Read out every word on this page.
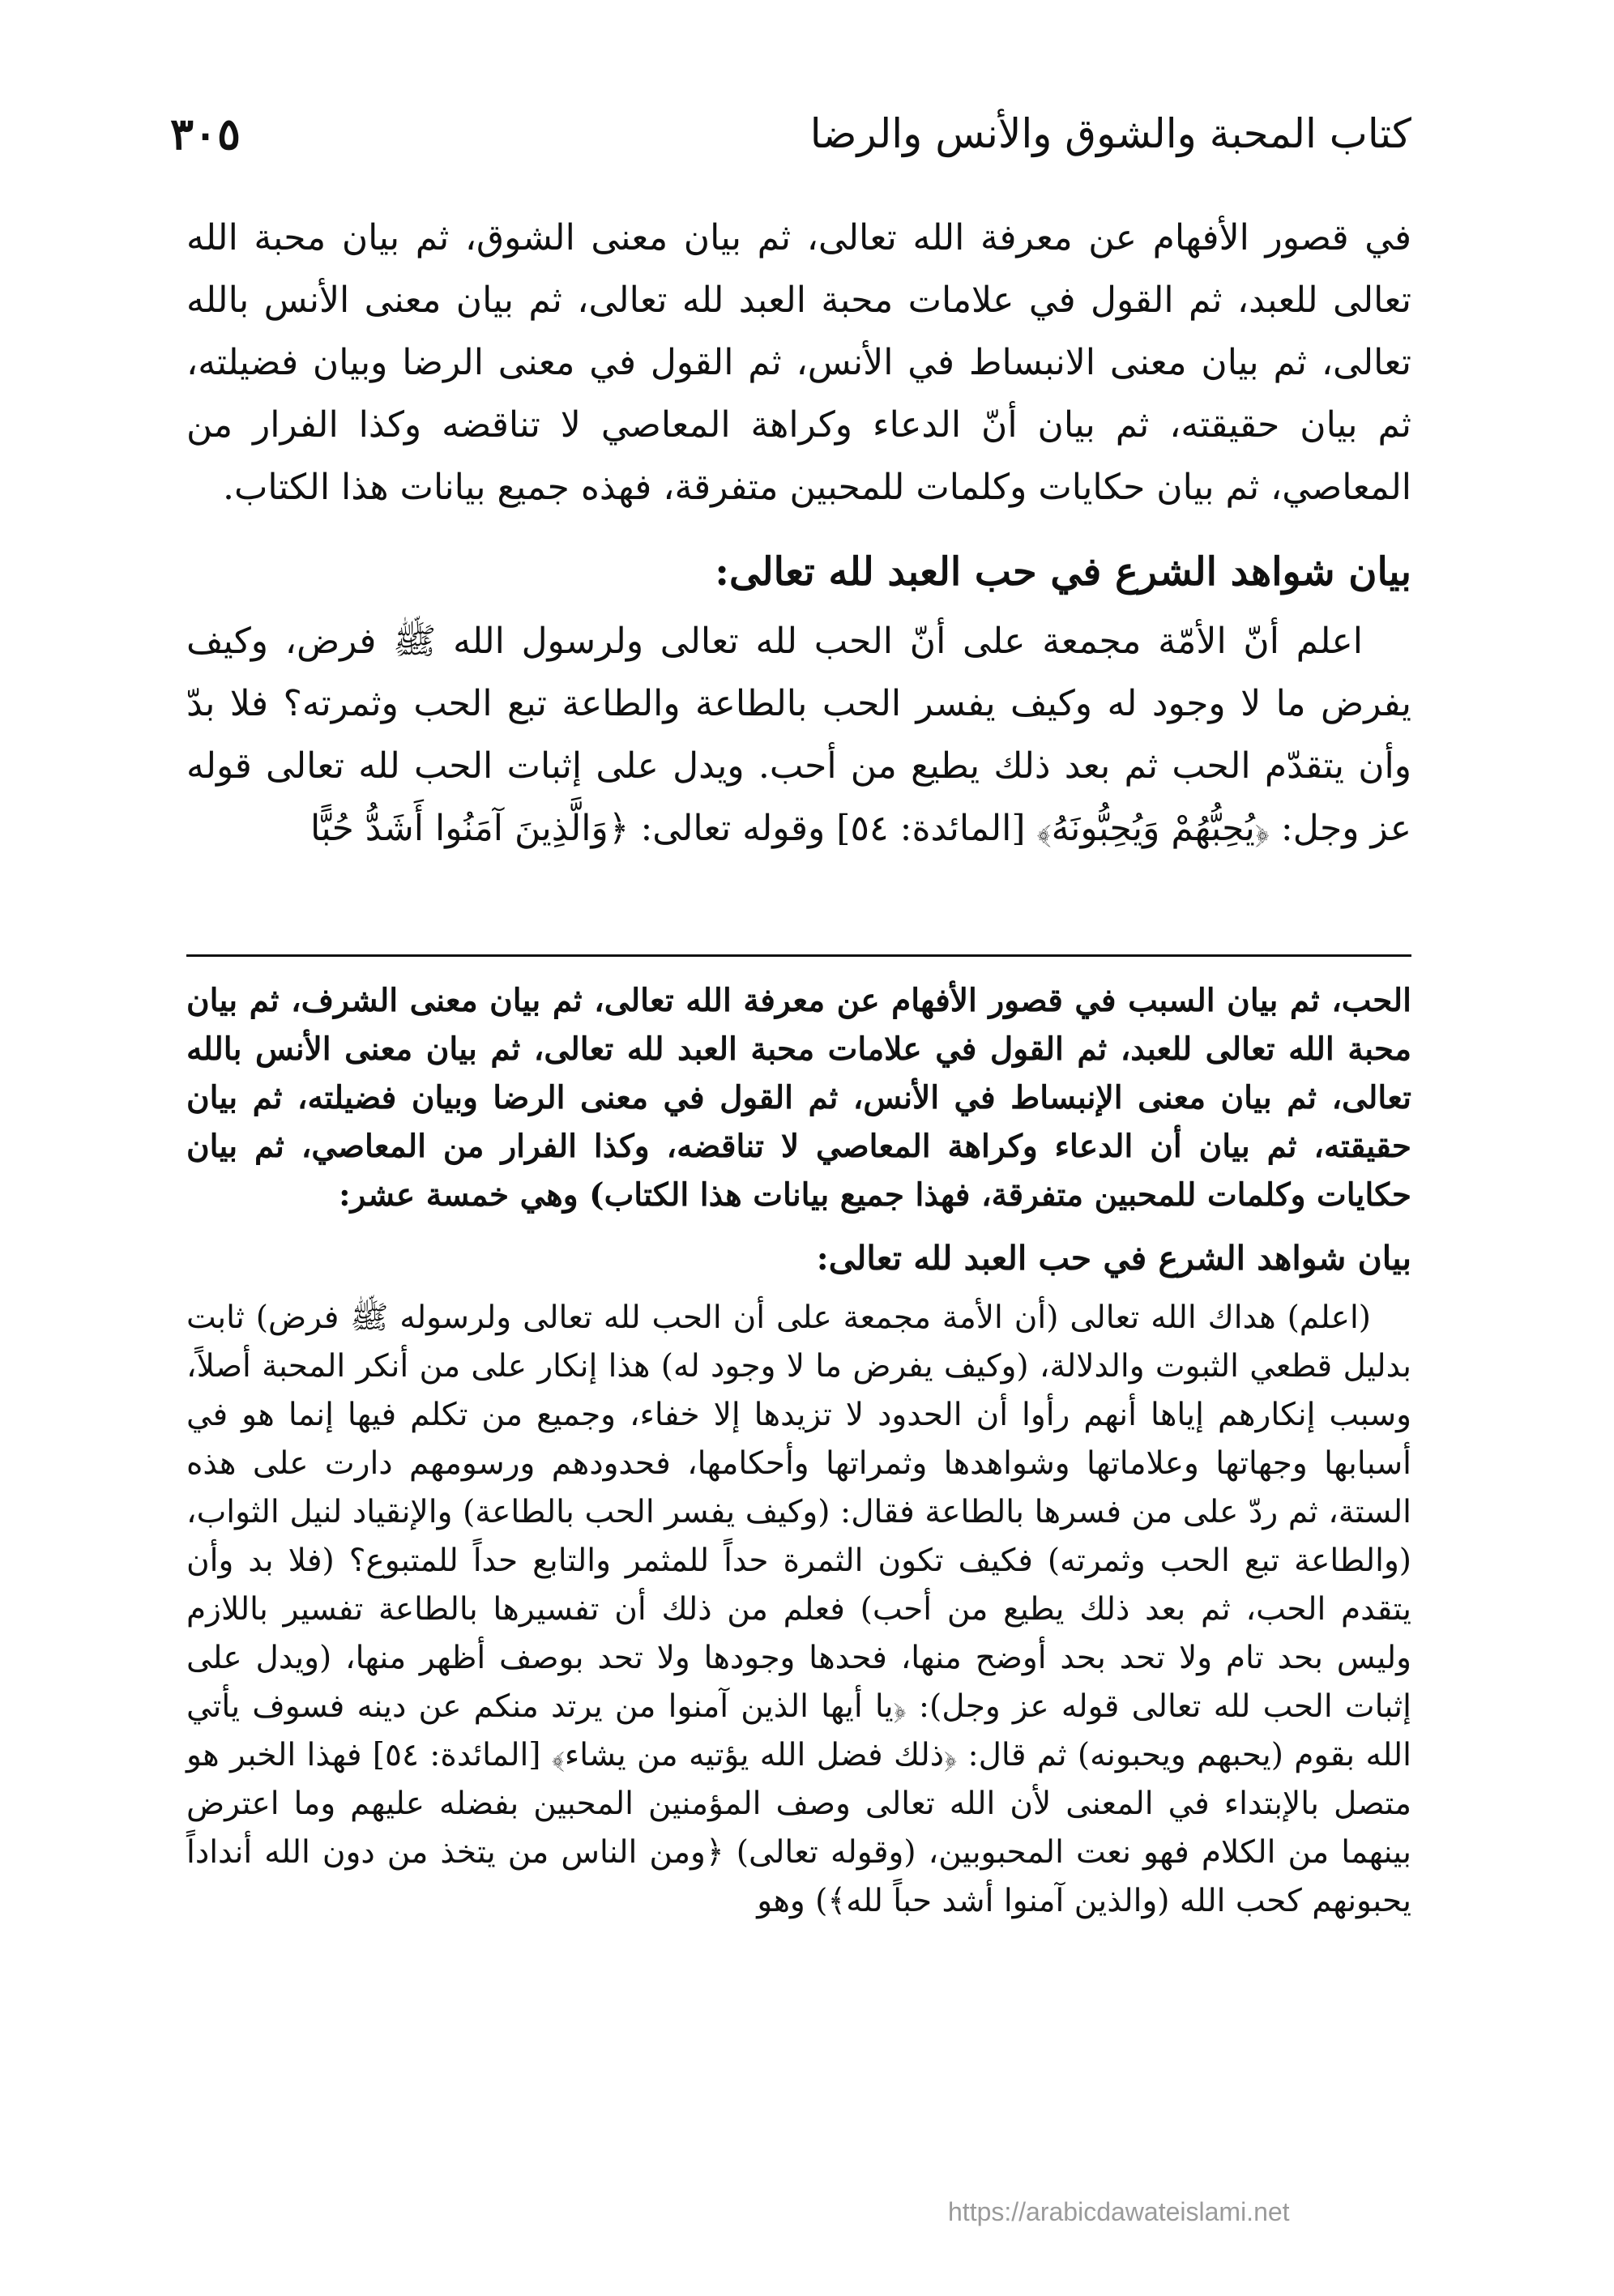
كتاب المحبة والشوق والأنس والرضا
٣٠٥

في قصور الأفهام عن معرفة الله تعالى، ثم بيان معنى الشوق، ثم بيان محبة الله تعالى للعبد، ثم القول في علامات محبة العبد لله تعالى، ثم بيان معنى الأنس بالله تعالى، ثم بيان معنى الانبساط في الأنس، ثم القول في معنى الرضا وبيان فضيلته، ثم بيان حقيقته، ثم بيان أنّ الدعاء وكراهة المعاصي لا تناقضه وكذا الفرار من المعاصي، ثم بيان حكايات وكلمات للمحبين متفرقة، فهذه جميع بيانات هذا الكتاب.

بيان شواهد الشرع في حب العبد لله تعالى:

اعلم أنّ الأمّة مجمعة على أنّ الحب لله تعالى ولرسول الله ﷺ فرض، وكيف يفرض ما لا وجود له وكيف يفسر الحب بالطاعة والطاعة تبع الحب وثمرته؟ فلا بدّ وأن يتقدّم الحب ثم بعد ذلك يطيع من أحب. ويدل على إثبات الحب لله تعالى قوله عز وجل: ﴿يُحِبُّهُمْ وَيُحِبُّونَهُ﴾ [المائدة: ٥٤] وقوله تعالى: ﴿وَالَّذِينَ آمَنُوا أَشَدُّ حُبًّا

الحب، ثم بيان السبب في قصور الأفهام عن معرفة الله تعالى، ثم بيان معنى الشرف، ثم بيان محبة الله تعالى للعبد، ثم القول في علامات محبة العبد لله تعالى، ثم بيان معنى الأنس بالله تعالى، ثم بيان معنى الإنبساط في الأنس، ثم القول في معنى الرضا وبيان فضيلته، ثم بيان حقيقته، ثم بيان أن الدعاء وكراهة المعاصي لا تناقضه، وكذا الفرار من المعاصي، ثم بيان حكايات وكلمات للمحبين متفرقة، فهذا جميع بيانات هذا الكتاب) وهي خمسة عشر:

بيان شواهد الشرع في حب العبد لله تعالى:

(اعلم) هداك الله تعالى (أن الأمة مجمعة على أن الحب لله تعالى ولرسوله ﷺ فرض) ثابت بدليل قطعي الثبوت والدلالة، (وكيف يفرض ما لا وجود له) هذا إنكار على من أنكر المحبة أصلاً، وسبب إنكارهم إياها أنهم رأوا أن الحدود لا تزيدها إلا خفاء، وجميع من تكلم فيها إنما هو في أسبابها وجهاتها وعلاماتها وشواهدها وثمراتها وأحكامها، فحدودهم ورسومهم دارت على هذه الستة، ثم ردّ على من فسرها بالطاعة فقال: (وكيف يفسر الحب بالطاعة) والإنقياد لنيل الثواب، (والطاعة تبع الحب وثمرته) فكيف تكون الثمرة حداً للمثمر والتابع حداً للمتبوع؟ (فلا بد وأن يتقدم الحب، ثم بعد ذلك يطيع من أحب) فعلم من ذلك أن تفسيرها بالطاعة تفسير باللازم وليس بحد تام ولا تحد بحد أوضح منها، فحدها وجودها ولا تحد بوصف أظهر منها، (ويدل على إثبات الحب لله تعالى قوله عز وجل): ﴿يا أيها الذين آمنوا من يرتد منكم عن دينه فسوف يأتي الله بقوم (يحبهم ويحبونه) ثم قال: ﴿ذلك فضل الله يؤتيه من يشاء﴾ [المائدة: ٥٤] فهذا الخبر هو متصل بالإبتداء في المعنى لأن الله تعالى وصف المؤمنين المحبين بفضله عليهم وما اعترض بينهما من الكلام فهو نعت المحبوبين، (وقوله تعالى) ﴿ومن الناس من يتخذ من دون الله أنداداً يحبونهم كحب الله (والذين آمنوا أشد حباً لله﴾) وهو

https://arabicdawateislami.net
